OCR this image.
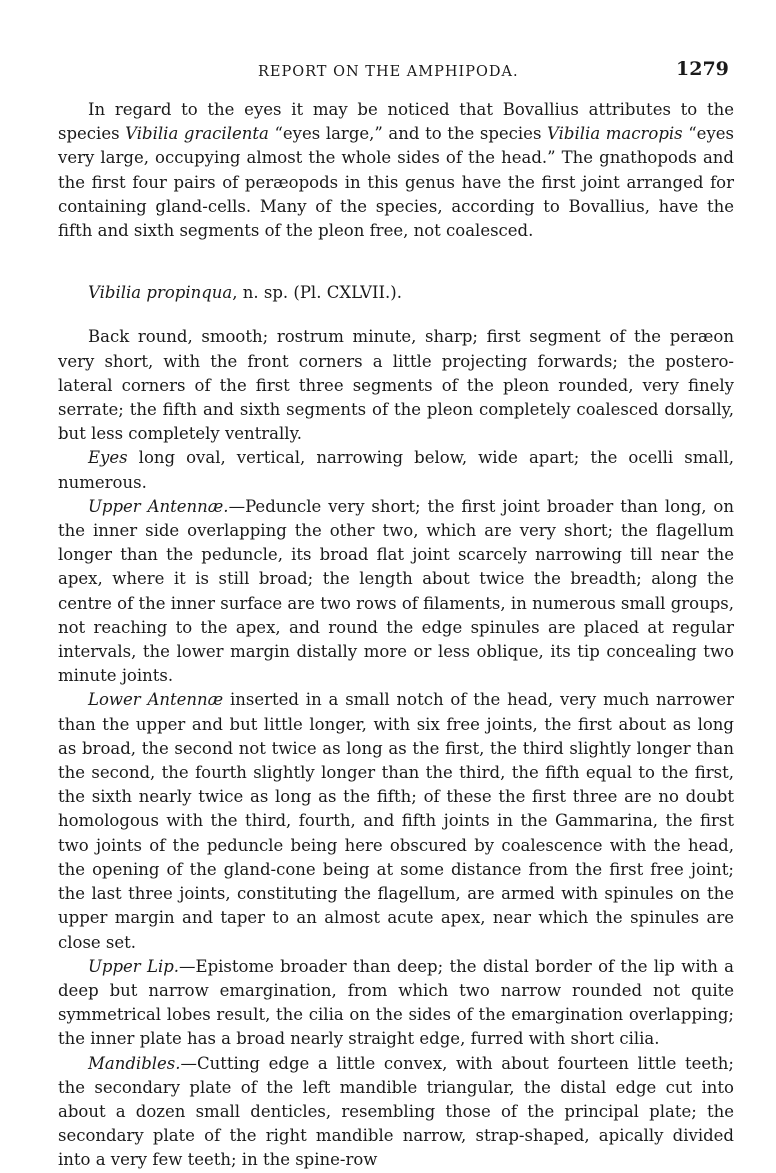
REPORT ON THE AMPHIPODA.	1279

In regard to the eyes it may be noticed that Bovallius attributes to the species Vibilia gracilenta “eyes large,” and to the species Vibilia macropis “eyes very large, occupying almost the whole sides of the head.” The gnathopods and the first four pairs of peræopods in this genus have the first joint arranged for containing gland-cells. Many of the species, according to Bovallius, have the fifth and sixth segments of the pleon free, not coalesced.

Vibilia propinqua, n. sp. (Pl. CXLVII.).

Back round, smooth; rostrum minute, sharp; first segment of the peræon very short, with the front corners a little projecting forwards; the postero-lateral corners of the first three segments of the pleon rounded, very finely serrate; the fifth and sixth segments of the pleon completely coalesced dorsally, but less completely ventrally.

Eyes long oval, vertical, narrowing below, wide apart; the ocelli small, numerous.

Upper Antennæ.—Peduncle very short; the first joint broader than long, on the inner side overlapping the other two, which are very short; the flagellum longer than the peduncle, its broad flat joint scarcely narrowing till near the apex, where it is still broad; the length about twice the breadth; along the centre of the inner surface are two rows of filaments, in numerous small groups, not reaching to the apex, and round the edge spinules are placed at regular intervals, the lower margin distally more or less oblique, its tip concealing two minute joints.

Lower Antennæ inserted in a small notch of the head, very much narrower than the upper and but little longer, with six free joints, the first about as long as broad, the second not twice as long as the first, the third slightly longer than the second, the fourth slightly longer than the third, the fifth equal to the first, the sixth nearly twice as long as the fifth; of these the first three are no doubt homologous with the third, fourth, and fifth joints in the Gammarina, the first two joints of the peduncle being here obscured by coalescence with the head, the opening of the gland-cone being at some distance from the first free joint; the last three joints, constituting the flagellum, are armed with spinules on the upper margin and taper to an almost acute apex, near which the spinules are close set.

Upper Lip.—Epistome broader than deep; the distal border of the lip with a deep but narrow emargination, from which two narrow rounded not quite symmetrical lobes result, the cilia on the sides of the emargination overlapping; the inner plate has a broad nearly straight edge, furred with short cilia.

Mandibles.—Cutting edge a little convex, with about fourteen little teeth; the secondary plate of the left mandible triangular, the distal edge cut into about a dozen small denticles, resembling those of the principal plate; the secondary plate of the right mandible narrow, strap-shaped, apically divided into a very few teeth; in the spine-row
